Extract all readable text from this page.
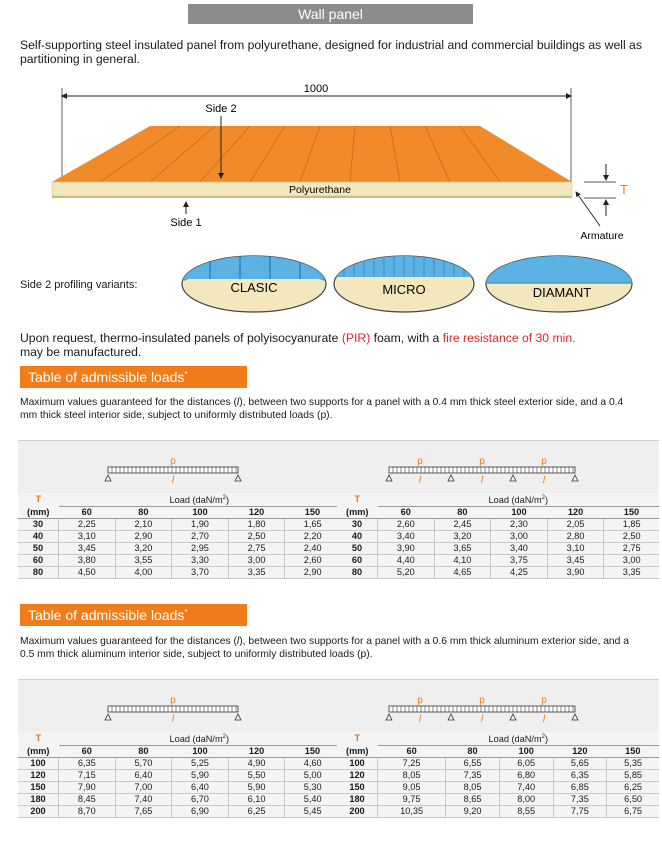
Wall panel
Self-supporting steel insulated panel from polyurethane, designed for industrial and commercial buildings as well as partitioning in general.
1000
Polyurethane
Side 2
Side 1
T
Armature
Side 2 profiling variants:	CLASIC	MICRO	DIAMANT
Upon request, thermo-insulated panels of polyisocyanurate (PIR) foam, with a fire resistance of 30 min.
may be manufactured.
Table of admissible loads*
Maximum values guaranteed for the distances (l), between two supports for a panel with a 0.4 mm thick steel exterior side, and a 0.4 mm thick steel interior side, subject to uniformly distributed loads (p).
Table of admissible loads*
Maximum values guaranteed for the distances (l), between two supports for a panel with a 0.6 mm thick aluminum exterior side, and a 0.5 mm thick aluminum interior side, subject to uniformly distributed loads (p).
p
l
T	Load $(daN/m^2)$				
(mm)	60	80	100	120	150
30	2,25	2,10	1,90	1,80	1,65
40	3,10	2,90	2,70	2,50	2,20
50	3,45	3,20	2,95	2,75	2,40
60	3,80	3,55	3,30	3,00	2,60
80	4,50	4,00	3,70	3,35	2,90
p
l
p
l
p
l
T	Load $(daN/m^2)$				
(mm)	60	80	100	120	150
30	2,60	2,45	2,30	2,05	1,85
40	3,40	3,20	3,00	2,80	2,50
50	3,90	3,65	3,40	3,10	2,75
60	4,40	4,10	3,75	3,45	3,00
80	5,20	4,65	4,25	3,90	3,35
p
l
T	Load $(daN/m^2)$				
(mm)	60	80	100	120	150
100	6,35	5,70	5,25	4,90	4,60
120	7,15	6,40	5,90	5,50	5,00
150	7,90	7,00	6,40	5,90	5,30
180	8,45	7,40	6,70	6,10	5,40
200	8,70	7,65	6,90	6,25	5,45
p
l
p
l
p
l
T	Load $(daN/m^2)$				
(mm)	60	80	100	120	150
100	7,25	6,55	6,05	5,65	5,35
120	8,05	7,35	6,80	6,35	5,85
150	9,05	8,05	7,40	6,85	6,25
180	9,75	8,65	8,00	7,35	6,50
200	10,35	9,20	8,55	7,75	6,75
